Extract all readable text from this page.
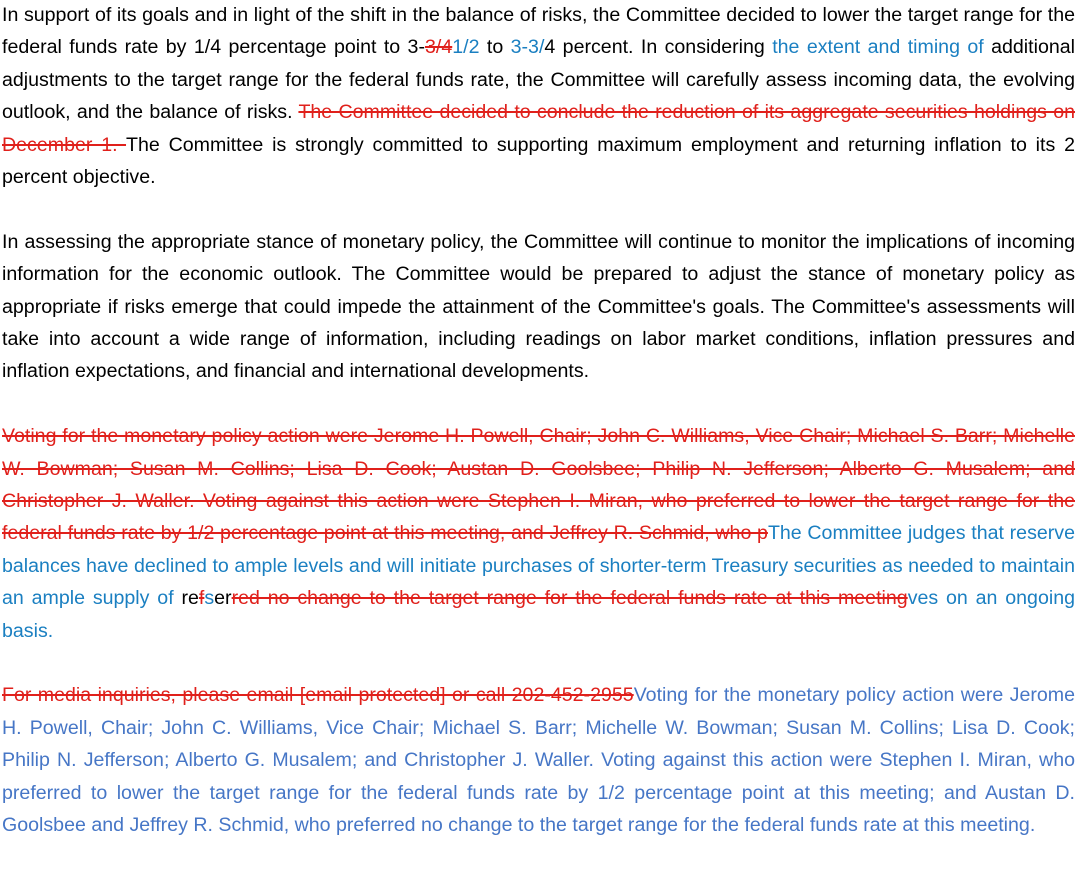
In support of its goals and in light of the shift in the balance of risks, the Committee decided to lower the target range for the federal funds rate by 1/4 percentage point to 3-3/41/2 to 3-3/4 percent. In considering the extent and timing of additional adjustments to the target range for the federal funds rate, the Committee will carefully assess incoming data, the evolving outlook, and the balance of risks. The Committee decided to conclude the reduction of its aggregate securities holdings on December 1. The Committee is strongly committed to supporting maximum employment and returning inflation to its 2 percent objective.

In assessing the appropriate stance of monetary policy, the Committee will continue to monitor the implications of incoming information for the economic outlook. The Committee would be prepared to adjust the stance of monetary policy as appropriate if risks emerge that could impede the attainment of the Committee's goals. The Committee's assessments will take into account a wide range of information, including readings on labor market conditions, inflation pressures and inflation expectations, and financial and international developments.

Voting for the monetary policy action were Jerome H. Powell, Chair; John C. Williams, Vice Chair; Michael S. Barr; Michelle W. Bowman; Susan M. Collins; Lisa D. Cook; Austan D. Goolsbee; Philip N. Jefferson; Alberto G. Musalem; and Christopher J. Waller. Voting against this action were Stephen I. Miran, who preferred to lower the target range for the federal funds rate by 1/2 percentage point at this meeting, and Jeffrey R. Schmid, who pThe Committee judges that reserve balances have declined to ample levels and will initiate purchases of shorter-term Treasury securities as needed to maintain an ample supply of refserred no change to the target range for the federal funds rate at this meetingves on an ongoing basis.

For media inquiries, please email [email protected] or call 202-452-2955Voting for the monetary policy action were Jerome H. Powell, Chair; John C. Williams, Vice Chair; Michael S. Barr; Michelle W. Bowman; Susan M. Collins; Lisa D. Cook; Philip N. Jefferson; Alberto G. Musalem; and Christopher J. Waller. Voting against this action were Stephen I. Miran, who preferred to lower the target range for the federal funds rate by 1/2 percentage point at this meeting; and Austan D. Goolsbee and Jeffrey R. Schmid, who preferred no change to the target range for the federal funds rate at this meeting.
